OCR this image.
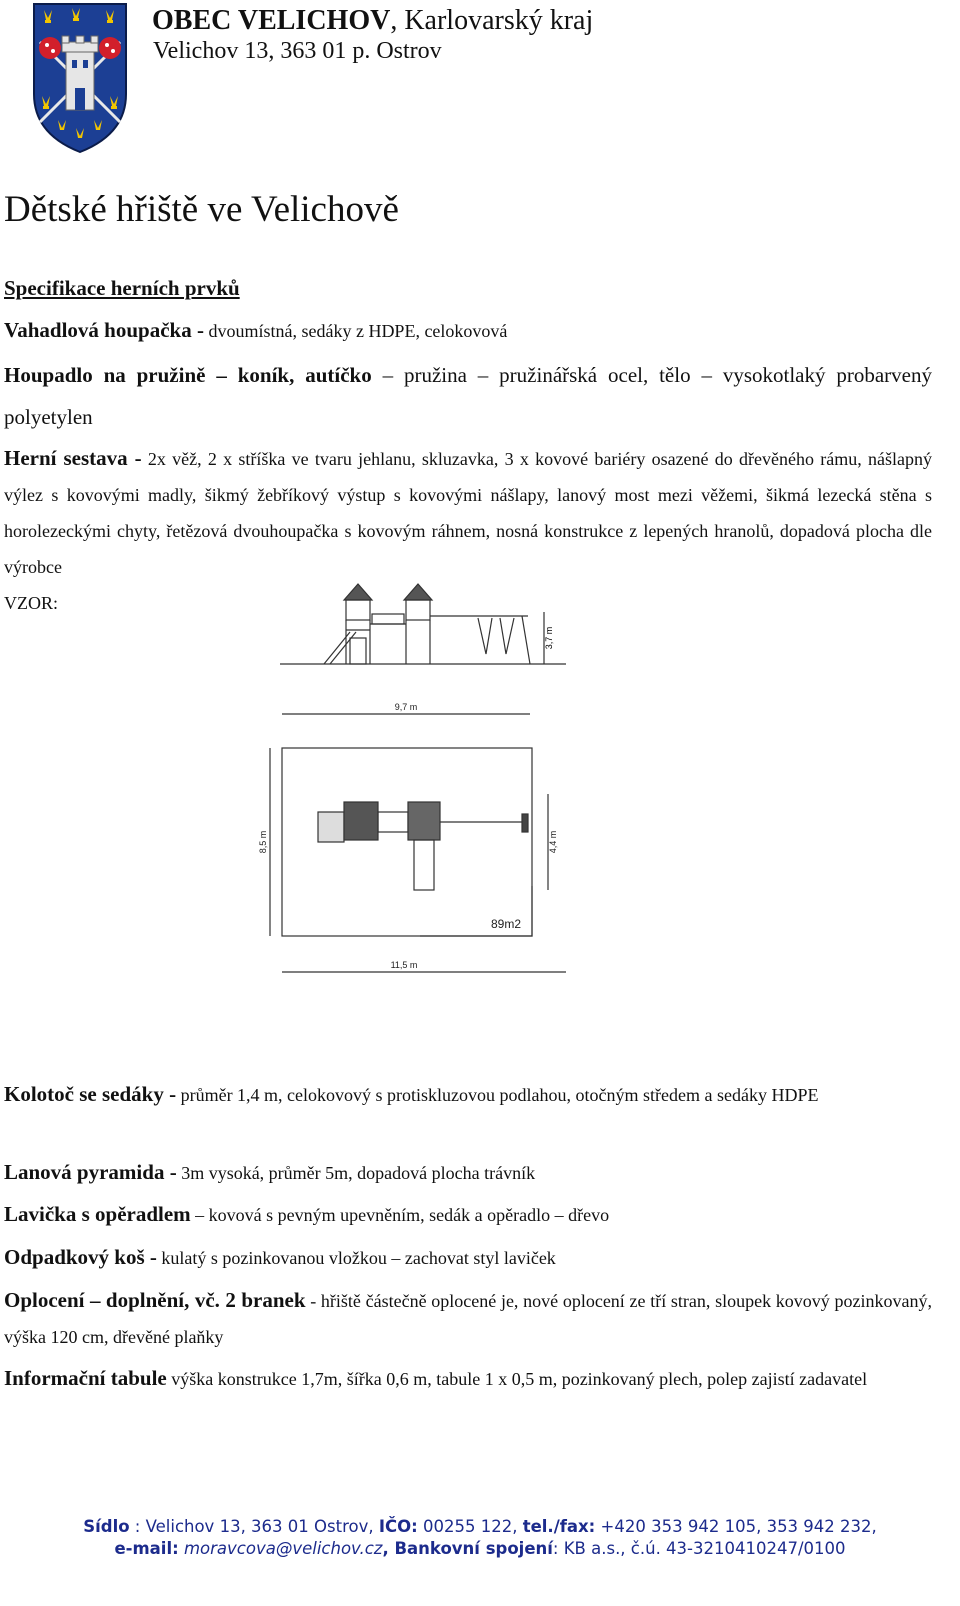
OBEC VELICHOV, Karlovarský kraj
Velichov 13, 363 01 p. Ostrov
Dětské hřiště ve Velichově
Specifikace herních prvků
Vahadlová houpačka - dvoumístná, sedáky z HDPE, celokovová
Houpadlo na pružině – koník, autíčko – pružina – pružinářská ocel, tělo – vysokotlaký probarvený polyetylen
Herní sestava - 2x věž, 2 x stříška ve tvaru jehlanu, skluzavka, 3 x kovové bariéry osazené do dřevěného rámu, nášlapný výlez s kovovými madly, šikmý žebříkový výstup s kovovými nášlapy, lanový most mezi věžemi, šikmá lezecká stěna s horolezeckými chyty, řetězová dvouhoupačka s kovovým ráhnem, nosná konstrukce z lepených hranolů, dopadová plocha dle výrobce
VZOR:
3,7 m
9,7 m
8,5 m	4,4 m
11,5 m
89m2
Kolotoč se sedáky - průměr 1,4 m, celokovový s protiskluzovou podlahou, otočným středem a sedáky HDPE
Lanová pyramida - 3m vysoká, průměr 5m, dopadová plocha trávník
Lavička s opěradlem – kovová s pevným upevněním, sedák a opěradlo – dřevo
Odpadkový koš - kulatý s pozinkovanou vložkou – zachovat styl laviček
Oplocení – doplnění, vč. 2 branek - hřiště částečně oplocené je, nové oplocení ze tří stran, sloupek kovový pozinkovaný, výška 120 cm, dřevěné plaňky
Informační tabule výška konstrukce 1,7m, šířka 0,6 m, tabule 1 x 0,5 m, pozinkovaný plech, polep zajistí zadavatel
Sídlo : Velichov 13, 363 01 Ostrov, IČO: 00255 122, tel./fax: +420 353 942 105, 353 942 232,
e-mail: moravcova@velichov.cz, Bankovní spojení: KB a.s., č.ú. 43-3210410247/0100
